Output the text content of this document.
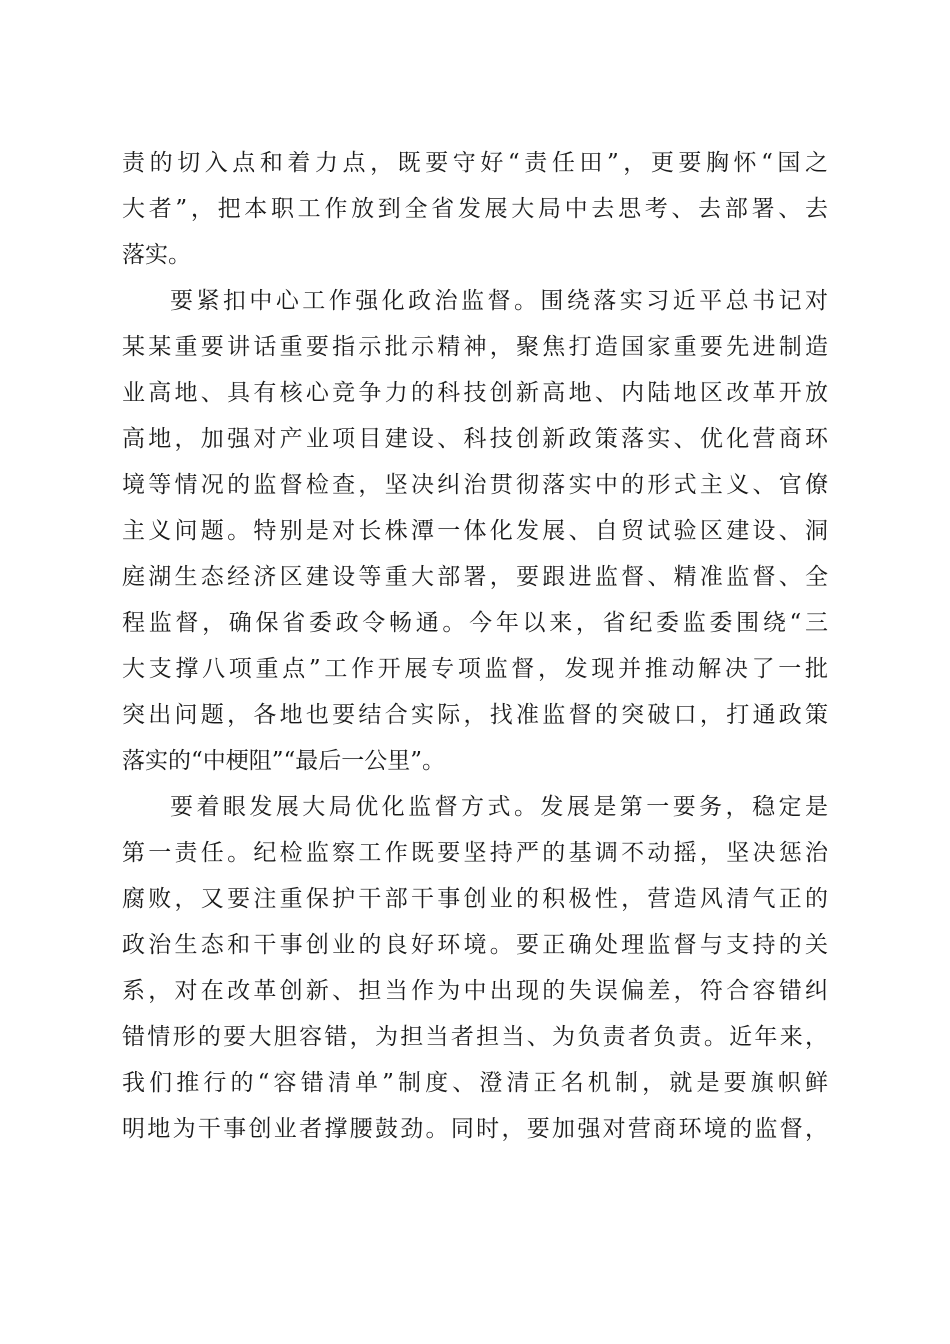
责的切入点和着力点，既要守好“责任田”，更要胸怀“国之
大者”，把本职工作放到全省发展大局中去思考、去部署、去
落实。
要紧扣中心工作强化政治监督。围绕落实习近平总书记对
某某重要讲话重要指示批示精神，聚焦打造国家重要先进制造
业高地、具有核心竞争力的科技创新高地、内陆地区改革开放
高地，加强对产业项目建设、科技创新政策落实、优化营商环
境等情况的监督检查，坚决纠治贯彻落实中的形式主义、官僚
主义问题。特别是对长株潭一体化发展、自贸试验区建设、洞
庭湖生态经济区建设等重大部署，要跟进监督、精准监督、全
程监督，确保省委政令畅通。今年以来，省纪委监委围绕“三
大支撑八项重点”工作开展专项监督，发现并推动解决了一批
突出问题，各地也要结合实际，找准监督的突破口，打通政策
落实的“中梗阻”“最后一公里”。
要着眼发展大局优化监督方式。发展是第一要务，稳定是
第一责任。纪检监察工作既要坚持严的基调不动摇，坚决惩治
腐败，又要注重保护干部干事创业的积极性，营造风清气正的
政治生态和干事创业的良好环境。要正确处理监督与支持的关
系，对在改革创新、担当作为中出现的失误偏差，符合容错纠
错情形的要大胆容错，为担当者担当、为负责者负责。近年来，
我们推行的“容错清单”制度、澄清正名机制，就是要旗帜鲜
明地为干事创业者撑腰鼓劲。同时，要加强对营商环境的监督，
